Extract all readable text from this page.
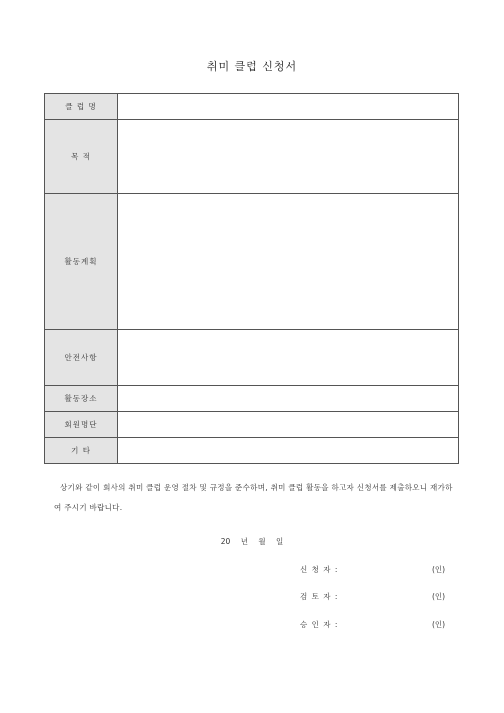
취미 클럽 신청서
클 럽 명	
목 적	
활동계획	
안전사항	
활동장소	
회원명단	
기 타	
상기와 같이 회사의 취미 클럽 운영 절차 및 규정을 준수하며, 취미 클럽 활동을 하고자 신청서를 제출하오니 재가하여 주시기 바랍니다.
20 년 월 일
신 청 자 :	(인)
검 토 자 :	(인)
승 인 자 :	(인)
